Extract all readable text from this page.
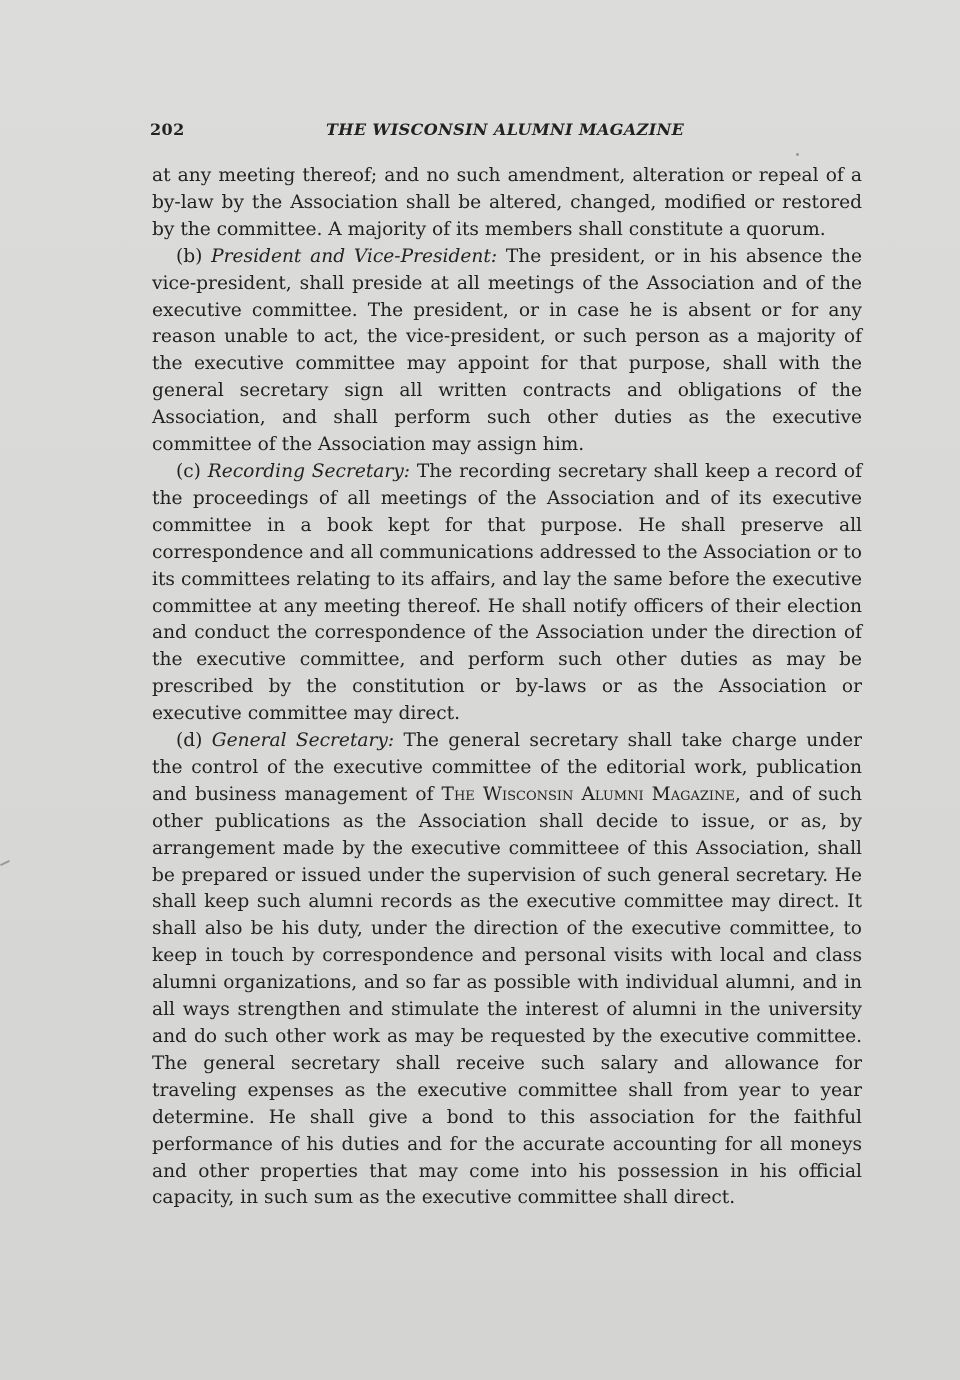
202	THE WISCONSIN ALUMNI MAGAZINE

at any meeting thereof; and no such amendment, alteration or repeal of a by-law by the Association shall be altered, changed, modified or restored by the committee. A majority of its members shall constitute a quorum.

(b) President and Vice-President: The president, or in his absence the vice-president, shall preside at all meetings of the Association and of the executive committee. The president, or in case he is absent or for any reason unable to act, the vice-president, or such person as a majority of the executive committee may appoint for that purpose, shall with the general secretary sign all written contracts and obligations of the Association, and shall perform such other duties as the executive committee of the Association may assign him.

(c) Recording Secretary: The recording secretary shall keep a record of the proceedings of all meetings of the Association and of its executive committee in a book kept for that purpose. He shall preserve all correspondence and all communications addressed to the Association or to its committees relating to its affairs, and lay the same before the executive committee at any meeting thereof. He shall notify officers of their election and conduct the correspondence of the Association under the direction of the executive committee, and perform such other duties as may be prescribed by the constitution or by-laws or as the Association or executive committee may direct.

(d) General Secretary: The general secretary shall take charge under the control of the executive committee of the editorial work, publication and business management of The Wisconsin Alumni Magazine, and of such other publications as the Association shall decide to issue, or as, by arrangement made by the executive committeee of this Association, shall be prepared or issued under the supervision of such general secretary. He shall keep such alumni records as the executive committee may direct. It shall also be his duty, under the direction of the executive committee, to keep in touch by correspondence and personal visits with local and class alumni organizations, and so far as possible with individual alumni, and in all ways strengthen and stimulate the interest of alumni in the university and do such other work as may be requested by the executive committee. The general secretary shall receive such salary and allowance for traveling expenses as the executive committee shall from year to year determine. He shall give a bond to this association for the faithful performance of his duties and for the accurate accounting for all moneys and other properties that may come into his possession in his official capacity, in such sum as the executive committee shall direct.
